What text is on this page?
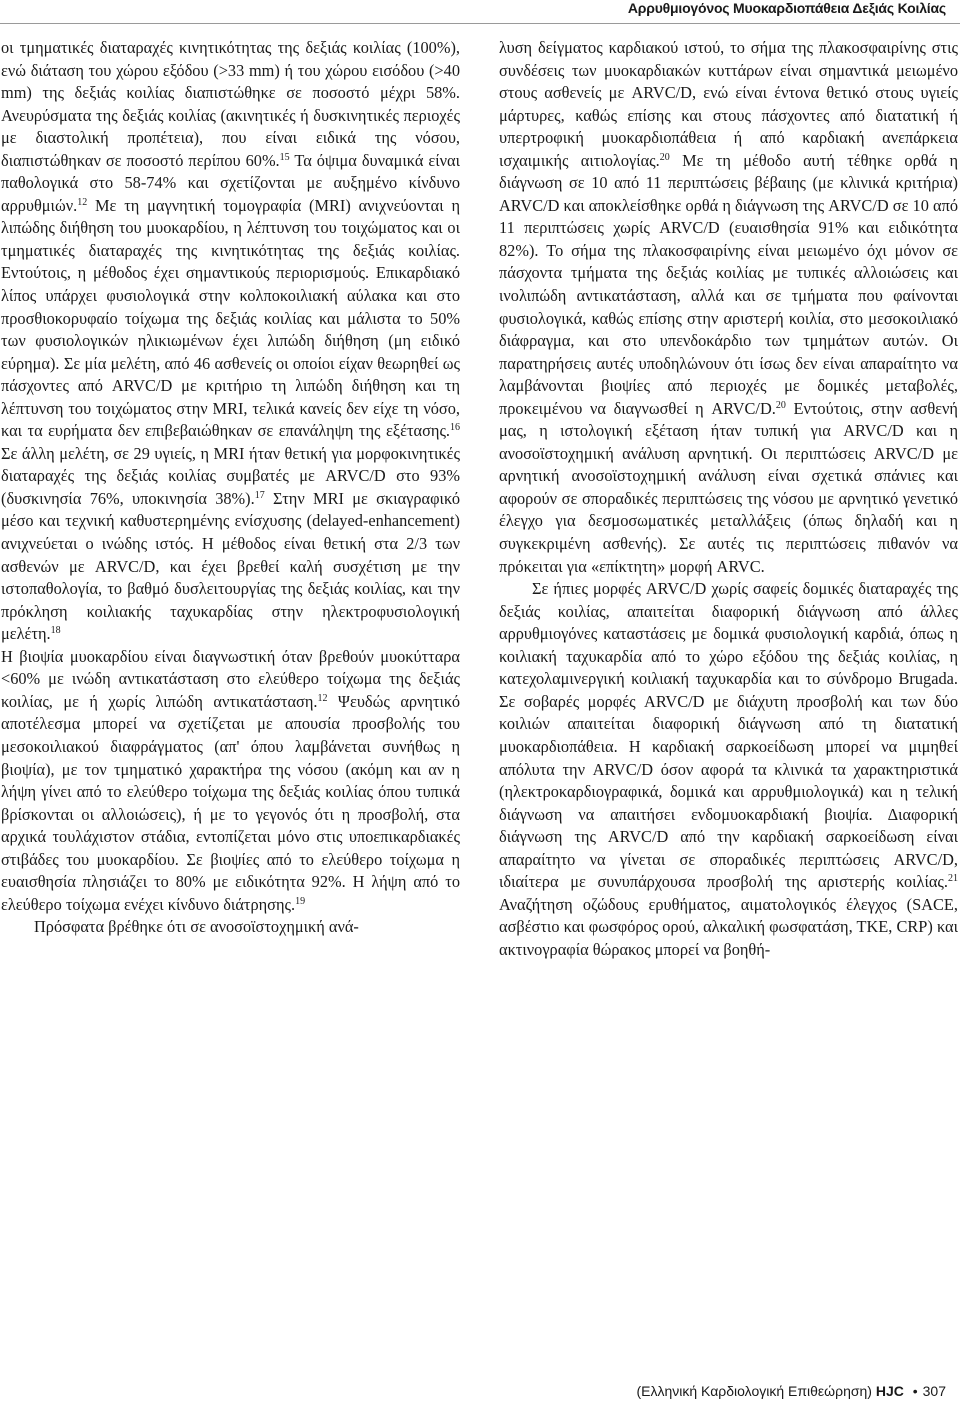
Αρρυθμιογόνος Μυοκαρδιοπάθεια Δεξιάς Κοιλίας

οι τμηματικές διαταραχές κινητικότητας της δεξιάς κοιλίας (100%), ενώ διάταση του χώρου εξόδου (>33 mm) ή του χώρου εισόδου (>40 mm) της δεξιάς κοιλίας διαπιστώθηκε σε ποσοστό μέχρι 58%. Ανευρύσματα της δεξιάς κοιλίας (ακινητικές ή δυσκινητικές περιοχές με διαστολική προπέτεια), που είναι ειδικά της νόσου, διαπιστώθηκαν σε ποσοστό περίπου 60%.$^{15}$ Τα όψιμα δυναμικά είναι παθολογικά στο 58-74% και σχετίζονται με αυξημένο κίνδυνο αρρυθμιών.$^{12}$ Με τη μαγνητική τομογραφία (MRI) ανιχνεύονται η λιπώδης διήθηση του μυοκαρδίου, η λέπτυνση του τοιχώματος και οι τμηματικές διαταραχές της κινητικότητας της δεξιάς κοιλίας. Εντούτοις, η μέθοδος έχει σημαντικούς περιορισμούς. Επικαρδιακό λίπος υπάρχει φυσιολογικά στην κολποκοιλιακή αύλακα και στο προσθιοκορυφαίο τοίχωμα της δεξιάς κοιλίας και μάλιστα το 50% των φυσιολογικών ηλικιωμένων έχει λιπώδη διήθηση (μη ειδικό εύρημα). Σε μία μελέτη, από 46 ασθενείς οι οποίοι είχαν θεωρηθεί ως πάσχοντες από ARVC/D με κριτήριο τη λιπώδη διήθηση και τη λέπτυνση του τοιχώματος στην MRI, τελικά κανείς δεν είχε τη νόσο, και τα ευρήματα δεν επιβεβαιώθηκαν σε επανάληψη της εξέτασης.$^{16}$ Σε άλλη μελέτη, σε 29 υγιείς, η MRI ήταν θετική για μορφοκινητικές διαταραχές της δεξιάς κοιλίας συμβατές με ARVC/D στο 93% (δυσκινησία 76%, υποκινησία 38%).$^{17}$ Στην MRI με σκιαγραφικό μέσο και τεχνική καθυστερημένης ενίσχυσης (delayed-enhancement) ανιχνεύεται ο ινώδης ιστός. Η μέθοδος είναι θετική στα 2/3 των ασθενών με ARVC/D, και έχει βρεθεί καλή συσχέτιση με την ιστοπαθολογία, το βαθμό δυσλειτουργίας της δεξιάς κοιλίας, και την πρόκληση κοιλιακής ταχυκαρδίας στην ηλεκτροφυσιολογική μελέτη.$^{18}$

Η βιοψία μυοκαρδίου είναι διαγνωστική όταν βρεθούν μυοκύτταρα <60% με ινώδη αντικατάσταση στο ελεύθερο τοίχωμα της δεξιάς κοιλίας, με ή χωρίς λιπώδη αντικατάσταση.$^{12}$ Ψευδώς αρνητικό αποτέλεσμα μπορεί να σχετίζεται με απουσία προσβολής του μεσοκοιλιακού διαφράγματος (απ' όπου λαμβάνεται συνήθως η βιοψία), με τον τμηματικό χαρακτήρα της νόσου (ακόμη και αν η λήψη γίνει από το ελεύθερο τοίχωμα της δεξιάς κοιλίας όπου τυπικά βρίσκονται οι αλλοιώσεις), ή με το γεγονός ότι η προσβολή, στα αρχικά τουλάχιστον στάδια, εντοπίζεται μόνο στις υποεπικαρδιακές στιβάδες του μυοκαρδίου. Σε βιοψίες από το ελεύθερο τοίχωμα η ευαισθησία πλησιάζει το 80% με ειδικότητα 92%. Η λήψη από το ελεύθερο τοίχωμα ενέχει κίνδυνο διάτρησης.$^{19}$

Πρόσφατα βρέθηκε ότι σε ανοσοϊστοχημική ανά-

λυση δείγματος καρδιακού ιστού, το σήμα της πλακοσφαιρίνης στις συνδέσεις των μυοκαρδιακών κυττάρων είναι σημαντικά μειωμένο στους ασθενείς με ARVC/D, ενώ είναι έντονα θετικό στους υγιείς μάρτυρες, καθώς επίσης και στους πάσχοντες από διατατική ή υπερτροφική μυοκαρδιοπάθεια ή από καρδιακή ανεπάρκεια ισχαιμικής αιτιολογίας.$^{20}$ Με τη μέθοδο αυτή τέθηκε ορθά η διάγνωση σε 10 από 11 περιπτώσεις βέβαιης (με κλινικά κριτήρια) ARVC/D και αποκλείσθηκε ορθά η διάγνωση της ARVC/D σε 10 από 11 περιπτώσεις χωρίς ARVC/D (ευαισθησία 91% και ειδικότητα 82%). Το σήμα της πλακοσφαιρίνης είναι μειωμένο όχι μόνον σε πάσχοντα τμήματα της δεξιάς κοιλίας με τυπικές αλλοιώσεις και ινολιπώδη αντικατάσταση, αλλά και σε τμήματα που φαίνονται φυσιολογικά, καθώς επίσης στην αριστερή κοιλία, στο μεσοκοιλιακό διάφραγμα, και στο υπενδοκάρδιο των τμημάτων αυτών. Οι παρατηρήσεις αυτές υποδηλώνουν ότι ίσως δεν είναι απαραίτητο να λαμβάνονται βιοψίες από περιοχές με δομικές μεταβολές, προκειμένου να διαγνωσθεί η ARVC/D.$^{20}$ Εντούτοις, στην ασθενή μας, η ιστολογική εξέταση ήταν τυπική για ARVC/D και η ανοσοϊστοχημική ανάλυση αρνητική. Οι περιπτώσεις ARVC/D με αρνητική ανοσοϊστοχημική ανάλυση είναι σχετικά σπάνιες και αφορούν σε σποραδικές περιπτώσεις της νόσου με αρνητικό γενετικό έλεγχο για δεσμοσωματικές μεταλλάξεις (όπως δηλαδή και η συγκεκριμένη ασθενής). Σε αυτές τις περιπτώσεις πιθανόν να πρόκειται για «επίκτητη» μορφή ARVC.

Σε ήπιες μορφές ARVC/D χωρίς σαφείς δομικές διαταραχές της δεξιάς κοιλίας, απαιτείται διαφορική διάγνωση από άλλες αρρυθμιογόνες καταστάσεις με δομικά φυσιολογική καρδιά, όπως η κοιλιακή ταχυκαρδία από το χώρο εξόδου της δεξιάς κοιλίας, η κατεχολαμινεργική κοιλιακή ταχυκαρδία και το σύνδρομο Brugada. Σε σοβαρές μορφές ARVC/D με διάχυτη προσβολή και των δύο κοιλιών απαιτείται διαφορική διάγνωση από τη διατατική μυοκαρδιοπάθεια. Η καρδιακή σαρκοείδωση μπορεί να μιμηθεί απόλυτα την ARVC/D όσον αφορά τα κλινικά τα χαρακτηριστικά (ηλεκτροκαρδιογραφικά, δομικά και αρρυθμιολογικά) και η τελική διάγνωση να απαιτήσει ενδομυοκαρδιακή βιοψία. Διαφορική διάγνωση της ARVC/D από την καρδιακή σαρκοείδωση είναι απαραίτητο να γίνεται σε σποραδικές περιπτώσεις ARVC/D, ιδιαίτερα με συνυπάρχουσα προσβολή της αριστερής κοιλίας.$^{21}$ Αναζήτηση οζώδους ερυθήματος, αιματολογικός έλεγχος (SACE, ασβέστιο και φωσφόρος ορού, αλκαλική φωσφατάση, ΤΚΕ, CRP) και ακτινογραφία θώρακος μπορεί να βοηθή-

(Ελληνική Καρδιολογική Επιθεώρηση) HJC • 307
